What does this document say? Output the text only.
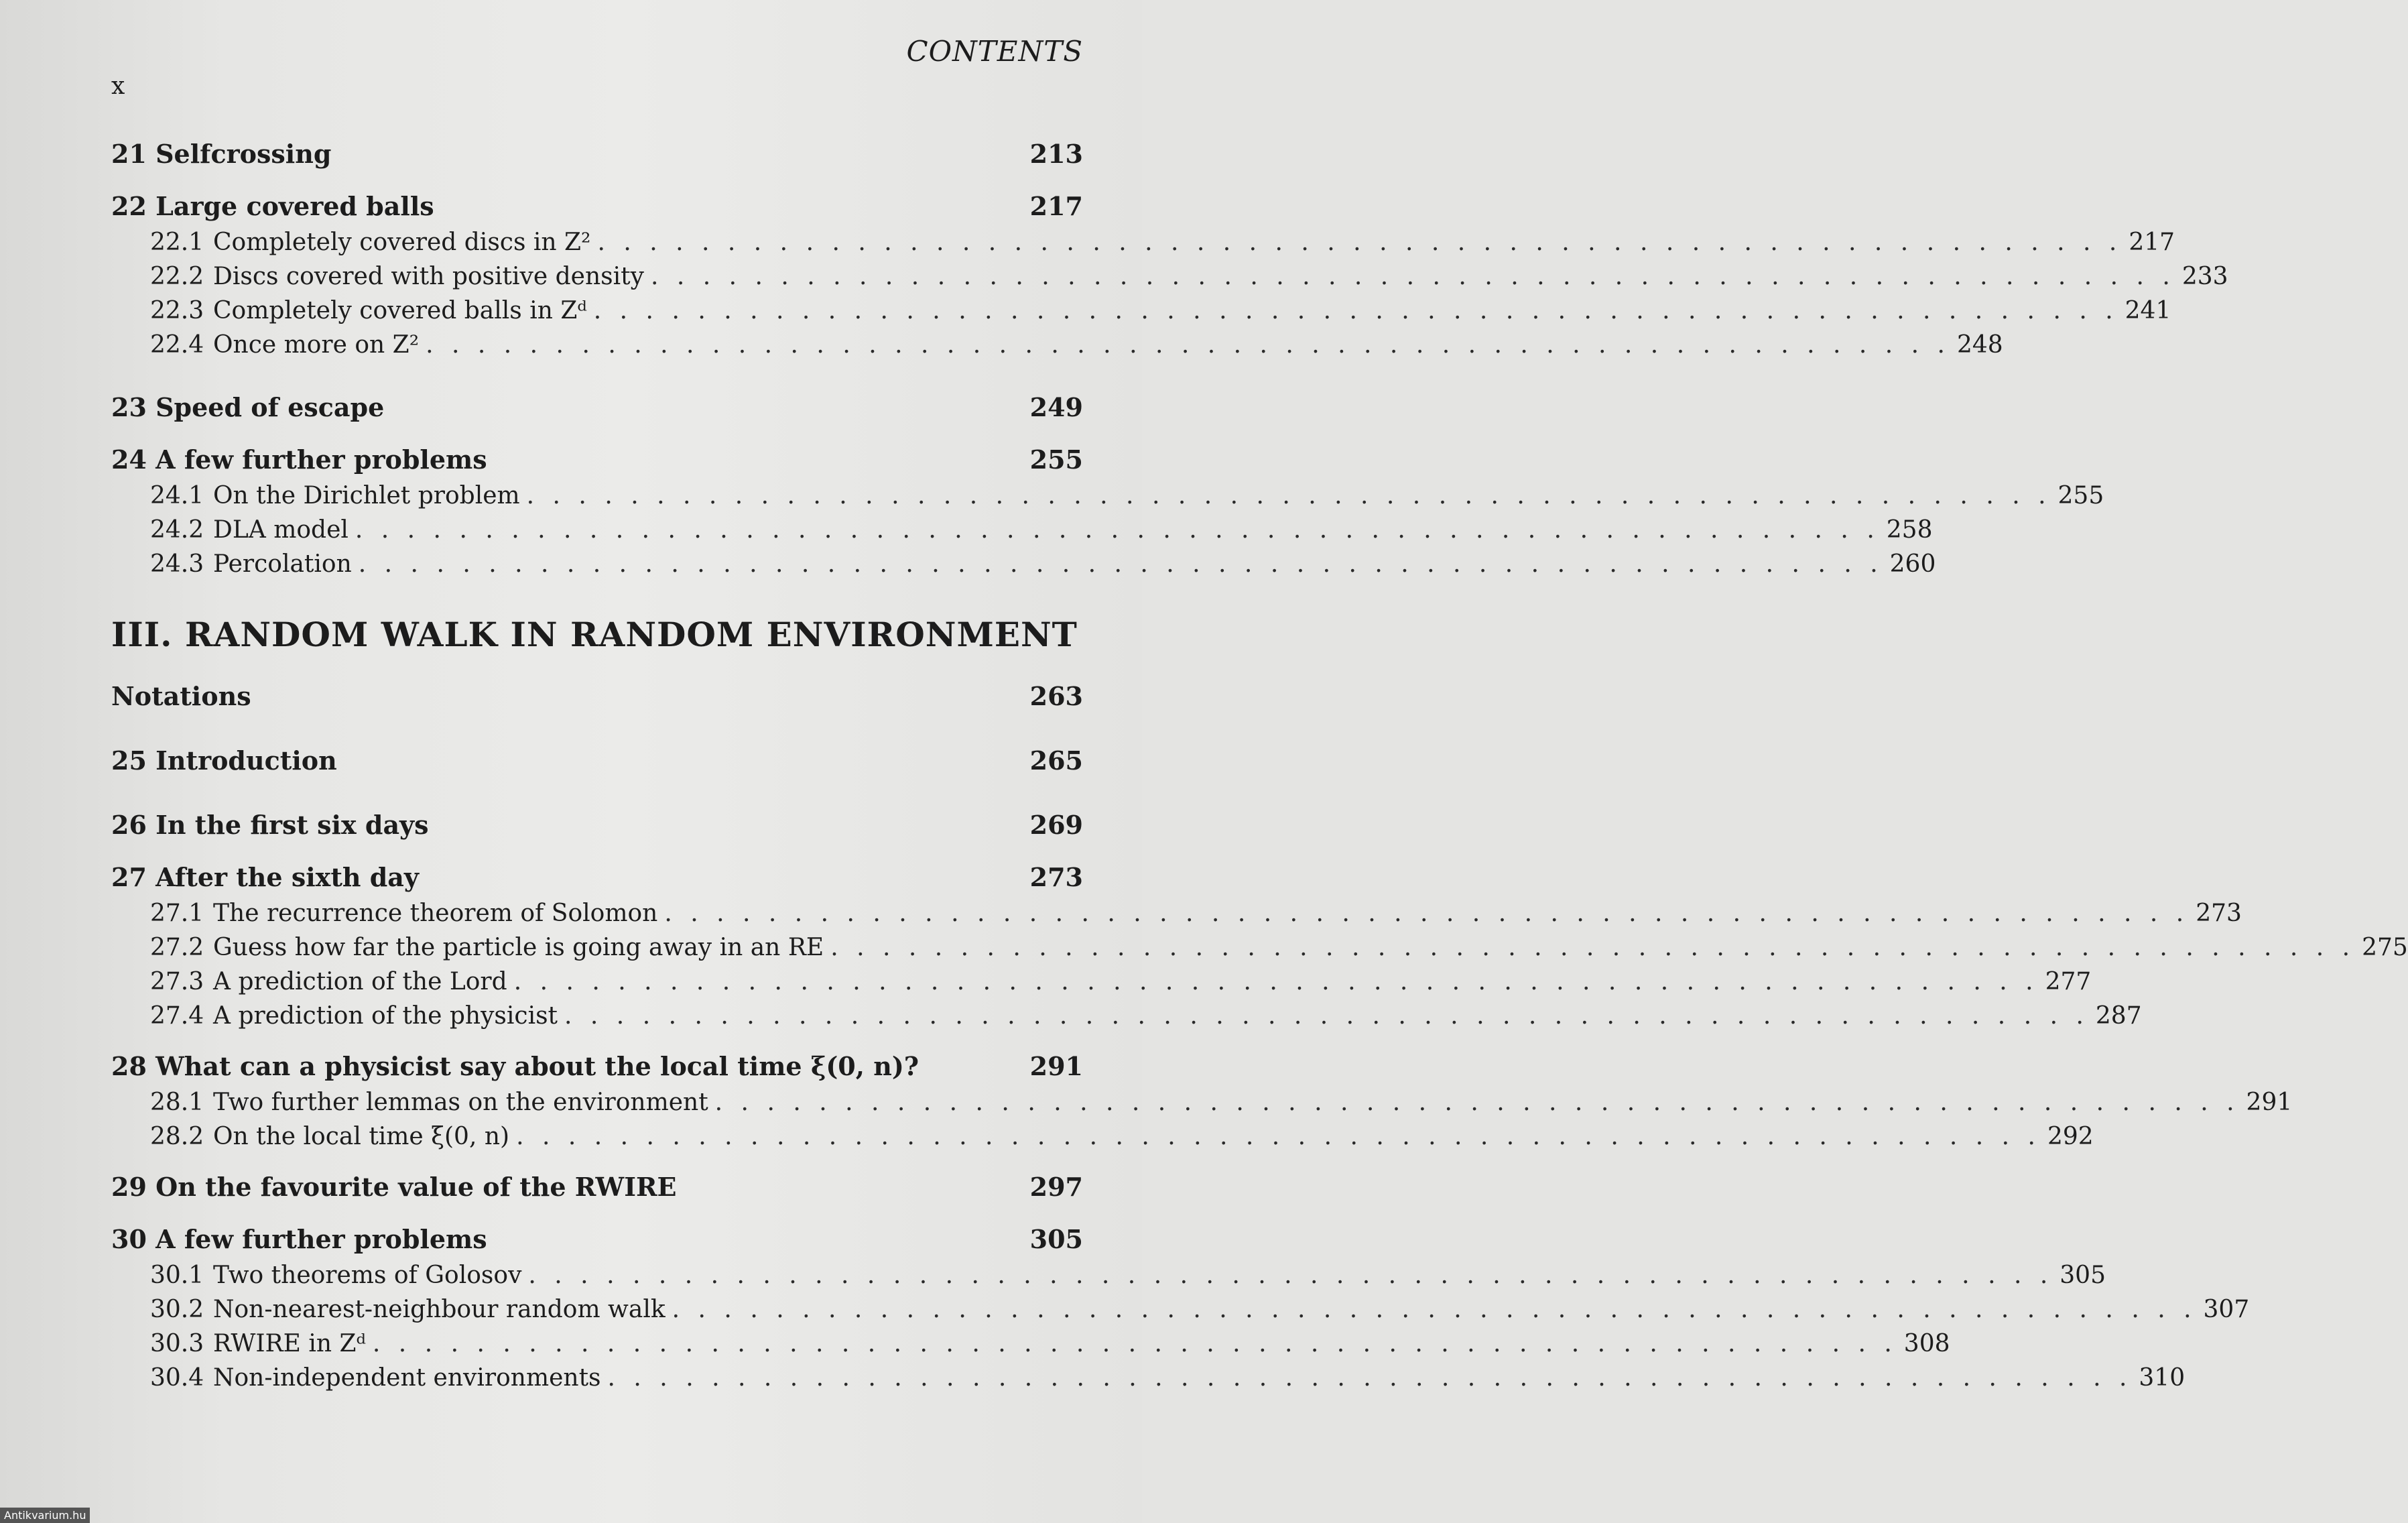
CONTENTS
x
21 Selfcrossing	213
22 Large covered balls	217
22.1 Completely covered discs in Z² . . . . . . . . . . . . . . . . . . . . . . . . . . . . . . . . . . . . . . . . . . . . . . . . . . . . . . . . . . . 217
22.2 Discs covered with positive density . . . . . . . . . . . . . . . . . . . . . . . . . . . . . . . . . . . . . . . . . . . . . . . . . . . . . . . . . . . 233
22.3 Completely covered balls in Zᵈ . . . . . . . . . . . . . . . . . . . . . . . . . . . . . . . . . . . . . . . . . . . . . . . . . . . . . . . . . . . 241
22.4 Once more on Z² . . . . . . . . . . . . . . . . . . . . . . . . . . . . . . . . . . . . . . . . . . . . . . . . . . . . . . . . . . . 248
23 Speed of escape	249
24 A few further problems	255
24.1 On the Dirichlet problem . . . . . . . . . . . . . . . . . . . . . . . . . . . . . . . . . . . . . . . . . . . . . . . . . . . . . . . . . . . 255
24.2 DLA model . . . . . . . . . . . . . . . . . . . . . . . . . . . . . . . . . . . . . . . . . . . . . . . . . . . . . . . . . . . 258
24.3 Percolation . . . . . . . . . . . . . . . . . . . . . . . . . . . . . . . . . . . . . . . . . . . . . . . . . . . . . . . . . . . 260
III. RANDOM WALK IN RANDOM ENVIRONMENT
Notations	263
25 Introduction	265
26 In the first six days	269
27 After the sixth day	273
27.1 The recurrence theorem of Solomon . . . . . . . . . . . . . . . . . . . . . . . . . . . . . . . . . . . . . . . . . . . . . . . . . . . . . . . . . . . 273
27.2 Guess how far the particle is going away in an RE . . . . . . . . . . . . . . . . . . . . . . . . . . . . . . . . . . . . . . . . . . . . . . . . . . . . . . . . . . . 275
27.3 A prediction of the Lord . . . . . . . . . . . . . . . . . . . . . . . . . . . . . . . . . . . . . . . . . . . . . . . . . . . . . . . . . . . 277
27.4 A prediction of the physicist . . . . . . . . . . . . . . . . . . . . . . . . . . . . . . . . . . . . . . . . . . . . . . . . . . . . . . . . . . . 287
28 What can a physicist say about the local time ξ(0, n)?	291
28.1 Two further lemmas on the environment . . . . . . . . . . . . . . . . . . . . . . . . . . . . . . . . . . . . . . . . . . . . . . . . . . . . . . . . . . . 291
28.2 On the local time ξ(0, n) . . . . . . . . . . . . . . . . . . . . . . . . . . . . . . . . . . . . . . . . . . . . . . . . . . . . . . . . . . . 292
29 On the favourite value of the RWIRE	297
30 A few further problems	305
30.1 Two theorems of Golosov . . . . . . . . . . . . . . . . . . . . . . . . . . . . . . . . . . . . . . . . . . . . . . . . . . . . . . . . . . . 305
30.2 Non-nearest-neighbour random walk . . . . . . . . . . . . . . . . . . . . . . . . . . . . . . . . . . . . . . . . . . . . . . . . . . . . . . . . . . . 307
30.3 RWIRE in Zᵈ . . . . . . . . . . . . . . . . . . . . . . . . . . . . . . . . . . . . . . . . . . . . . . . . . . . . . . . . . . . 308
30.4 Non-independent environments . . . . . . . . . . . . . . . . . . . . . . . . . . . . . . . . . . . . . . . . . . . . . . . . . . . . . . . . . . . 310
Antikvarium.hu
